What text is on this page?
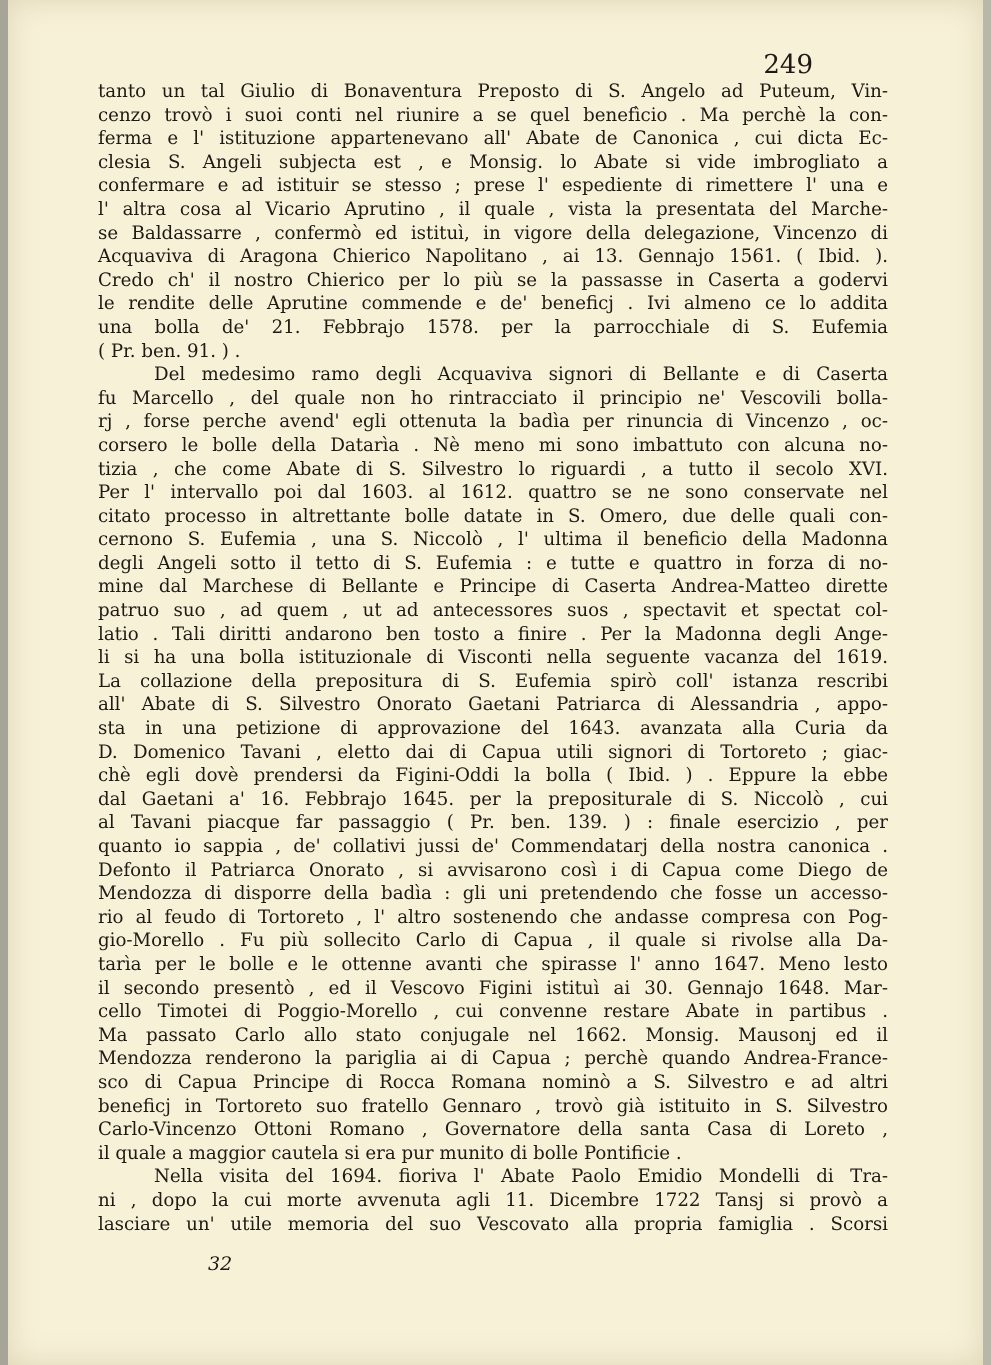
249
tanto un tal Giulio di Bonaventura Preposto di S. Angelo ad Puteum, Vin-
cenzo trovò i suoi conti nel riunire a se quel benefìcio . Ma perchè la con-
ferma e l' istituzione appartenevano all' Abate de Canonica , cui dicta Ec-
clesia S. Angeli subjecta est , e Monsig. lo Abate si vide imbrogliato a
confermare e ad istituir se stesso ; prese l' espediente di rimettere l' una e
l' altra cosa al Vicario Aprutino , il quale , vista la presentata del Marche-
se Baldassarre , confermò ed istituì, in vigore della delegazione, Vincenzo di
Acquaviva di Aragona Chierico Napolitano , ai 13. Gennajo 1561. ( Ibid. ).
Credo ch' il nostro Chierico per lo più se la passasse in Caserta a godervi
le rendite delle Aprutine commende e de' beneficj . Ivi almeno ce lo addita
una bolla de' 21. Febbrajo 1578. per la parrocchiale di S. Eufemia
( Pr. ben. 91. ) .
Del medesimo ramo degli Acquaviva signori di Bellante e di Caserta
fu Marcello , del quale non ho rintracciato il principio ne' Vescovili bolla-
rj , forse perche avend' egli ottenuta la badìa per rinuncia di Vincenzo , oc-
corsero le bolle della Datarìa . Nè meno mi sono imbattuto con alcuna no-
tizia , che come Abate di S. Silvestro lo riguardi , a tutto il secolo XVI.
Per l' intervallo poi dal 1603. al 1612. quattro se ne sono conservate nel
citato processo in altrettante bolle datate in S. Omero, due delle quali con-
cernono S. Eufemia , una S. Niccolò , l' ultima il beneficio della Madonna
degli Angeli sotto il tetto di S. Eufemia : e tutte e quattro in forza di no-
mine dal Marchese di Bellante e Principe di Caserta Andrea-Matteo dirette
patruo suo , ad quem , ut ad antecessores suos , spectavit et spectat col-
latio . Tali diritti andarono ben tosto a finire . Per la Madonna degli Ange-
li si ha una bolla istituzionale di Visconti nella seguente vacanza del 1619.
La collazione della prepositura di S. Eufemia spirò coll' istanza rescribi
all' Abate di S. Silvestro Onorato Gaetani Patriarca di Alessandria , appo-
sta in una petizione di approvazione del 1643. avanzata alla Curia da
D. Domenico Tavani , eletto dai di Capua utili signori di Tortoreto ; giac-
chè egli dovè prendersi da Figini-Oddi la bolla ( Ibid. ) . Eppure la ebbe
dal Gaetani a' 16. Febbrajo 1645. per la prepositurale di S. Niccolò , cui
al Tavani piacque far passaggio ( Pr. ben. 139. ) : finale esercizio , per
quanto io sappia , de' collativi jussi de' Commendatarj della nostra canonica .
Defonto il Patriarca Onorato , si avvisarono così i di Capua come Diego de
Mendozza di disporre della badìa : gli uni pretendendo che fosse un accesso-
rio al feudo di Tortoreto , l' altro sostenendo che andasse compresa con Pog-
gio-Morello . Fu più sollecito Carlo di Capua , il quale si rivolse alla Da-
tarìa per le bolle e le ottenne avanti che spirasse l' anno 1647. Meno lesto
il secondo presentò , ed il Vescovo Figini istituì ai 30. Gennajo 1648. Mar-
cello Timotei di Poggio-Morello , cui convenne restare Abate in partibus .
Ma passato Carlo allo stato conjugale nel 1662. Monsig. Mausonj ed il
Mendozza renderono la pariglia ai di Capua ; perchè quando Andrea-France-
sco di Capua Principe di Rocca Romana nominò a S. Silvestro e ad altri
beneficj in Tortoreto suo fratello Gennaro , trovò già istituito in S. Silvestro
Carlo-Vincenzo Ottoni Romano , Governatore della santa Casa di Loreto ,
il quale a maggior cautela si era pur munito di bolle Pontificie .
Nella visita del 1694. fioriva l' Abate Paolo Emidio Mondelli di Tra-
ni , dopo la cui morte avvenuta agli 11. Dicembre 1722 Tansj si provò a
lasciare un' utile memoria del suo Vescovato alla propria famiglia . Scorsi
32
